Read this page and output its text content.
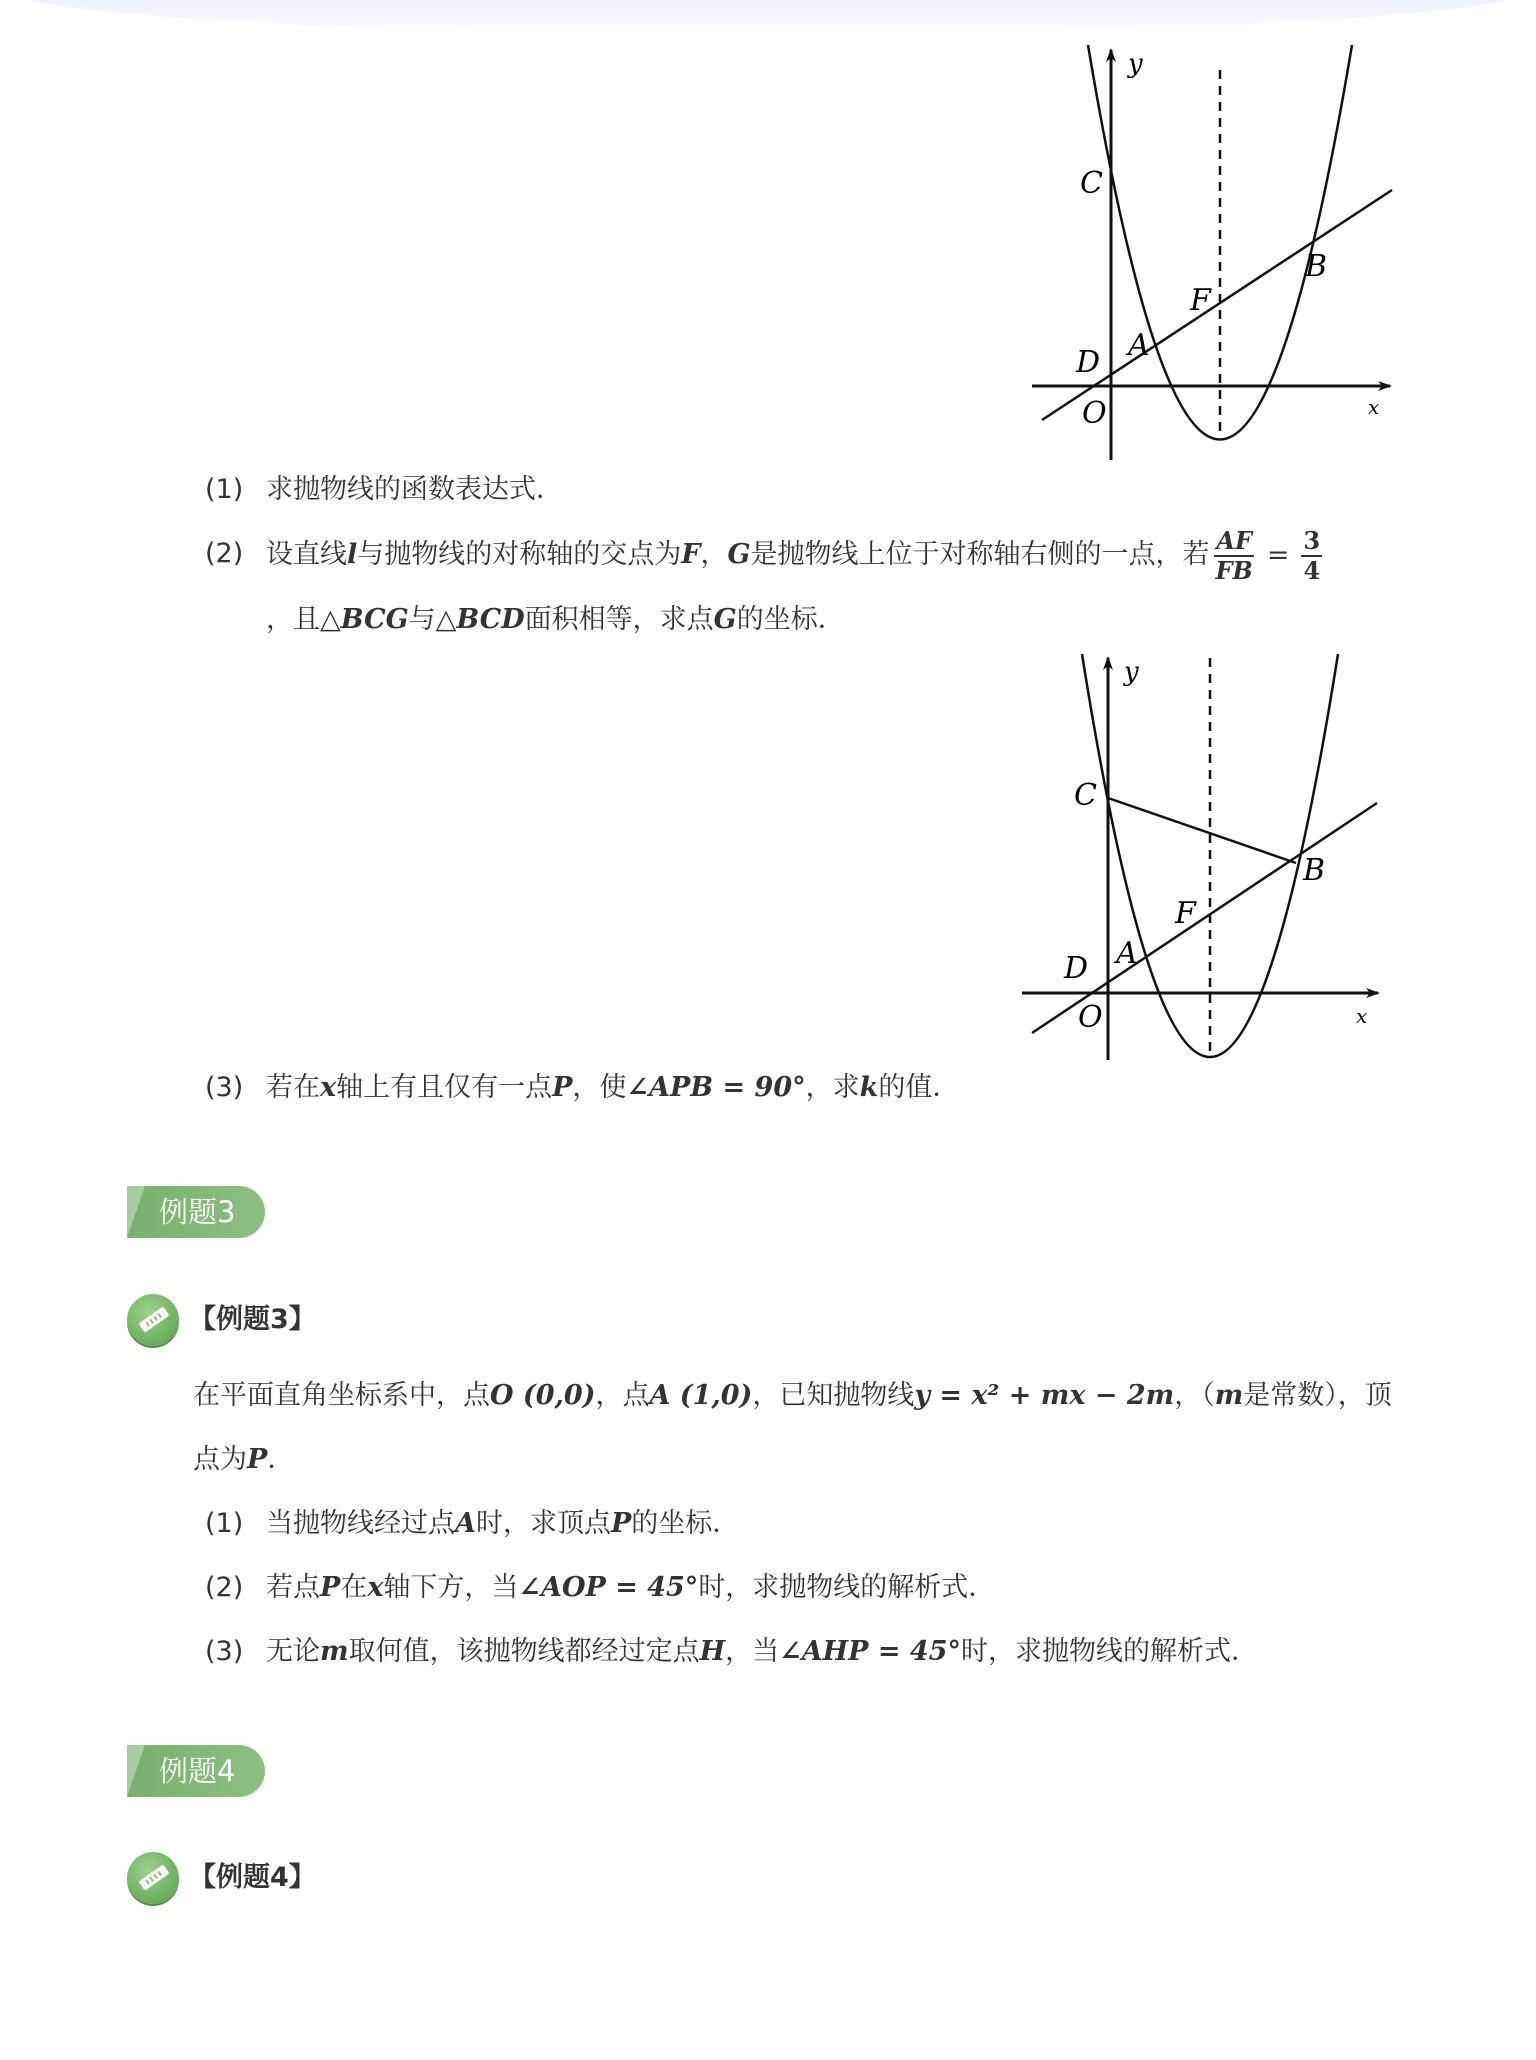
y
x
C
B
F
A
D
O
(1) 求抛物线的函数表达式．
(2) 设直线l与抛物线的对称轴的交点为F，G是抛物线上位于对称轴右侧的一点，若 $\frac{AF}{FB} = \frac{3}{4}$
，且△BCG与△BCD面积相等，求点G的坐标．
y
x
C
B
F
A
D
O
(3) 若在x轴上有且仅有一点P，使∠APB = 90°，求k的值．
例题3
【例题3】
在平面直角坐标系中，点O (0,0)，点A (1,0)，已知抛物线y = x² + mx − 2m，（m是常数），顶
点为P．
(1) 当抛物线经过点A时，求顶点P的坐标．
(2) 若点P在x轴下方，当∠AOP = 45°时，求抛物线的解析式．
(3) 无论m取何值，该抛物线都经过定点H，当∠AHP = 45°时，求抛物线的解析式．
例题4
【例题4】
